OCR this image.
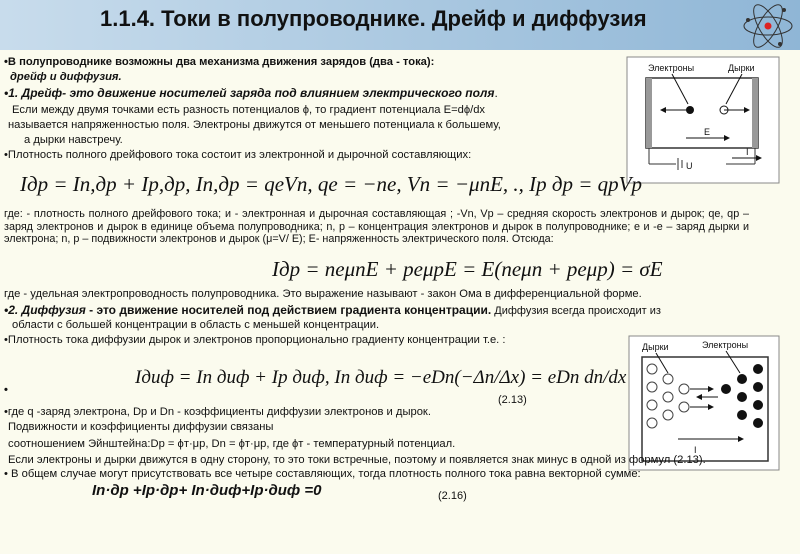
1.1.4. Токи в полупроводнике. Дрейф и диффузия
•В полупроводнике возможны два механизма движения зарядов (два - тока):
дрейф и диффузия.
•1. Дрейф- это движение носителей заряда под влиянием электрического поля.
Если между двумя точками есть разность потенциалов ϕ, то градиент потенциала E=dϕ/dx
называется напряженностью поля. Электроны движутся от меньшего потенциала к большему,
а дырки навстречу.
•Плотность полного дрейфового тока состоит из электронной и дырочной составляющих:
E
U
I
Электроны	Дырки
Iдр = In,др + Ip,др, In,др = qeVn, qe = −ne, Vn = −μnE, ., Ip др = qpVp
где: - плотность полного дрейфового тока; и - электронная и дырочная составляющая ; -Vn, Vp – средняя скорость электронов и дырок; qe, qp – заряд электронов и дырок в единице объема полупроводника; n, p – концентрация электронов и дырок в полупроводнике; e и -e – заряд дырки и электрона; n, p – подвижности электронов и дырок (μ=V/ E); E- напряженность электрического поля. Отсюда:
Iдр = neμnE + peμpE = E(neμn + peμp) = σE
где - удельная электропроводность полупроводника. Это выражение называют - закон Ома в дифференциальной форме.
•2. Диффузия - это движение носителей под действием градиента концентрации. Диффузия всегда происходит из
области с большей концентрации в область с меньшей концентрации.
•Плотность тока диффузии дырок и электронов пропорционально градиенту концентрации т.е. :
Дырки	Электроны
I
•
Iдиф = In диф + Ip диф, In диф = −eDn(−Δn/Δx) = eDn dn/dx
(2.13)
•где q -заряд электрона, Dp и Dn - коэффициенты диффузии электронов и дырок.
Подвижности и коэффициенты диффузии связаны
соотношением Эйнштейна:Dp = ϕт·μp, Dn = ϕт·μp, где ϕт - температурный потенциал.
Если электроны и дырки движутся в одну сторону, то это токи встречные, поэтому и появляется знак минус в одной из формул (2.13).
• В общем случае могут присутствовать все четыре составляющих, тогда плотность полного тока равна векторной сумме:
In·др +Ip·др+ In·диф+Ip·диф =0	(2.16)
